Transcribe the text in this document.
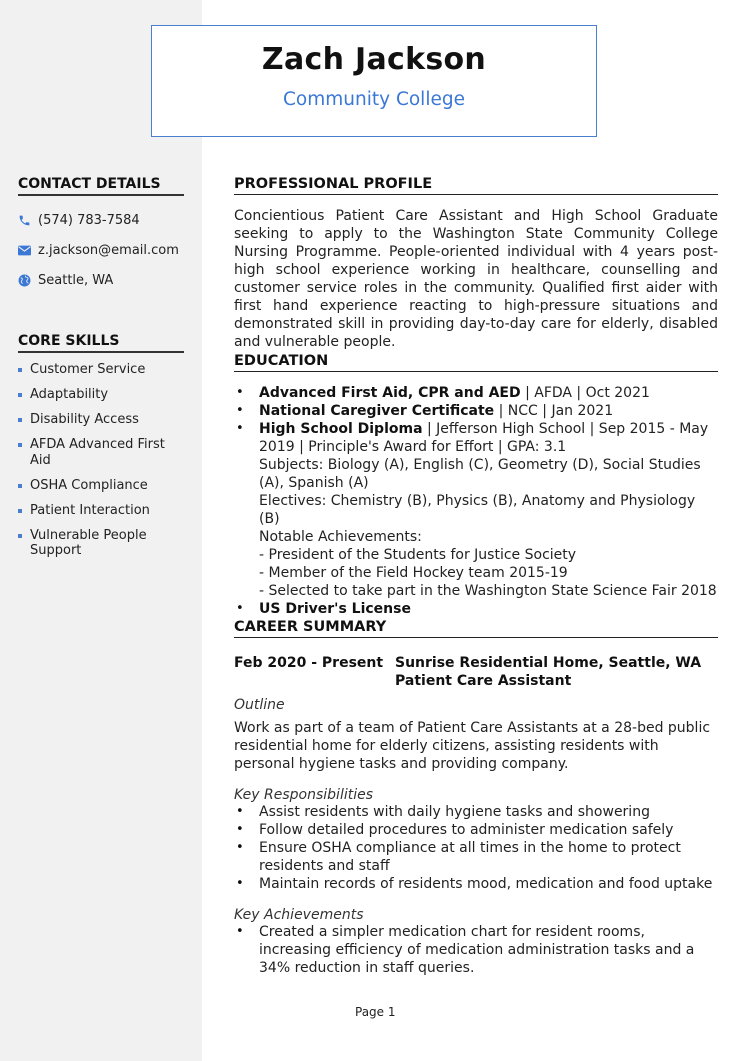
Zach Jackson
Community College
CONTACT DETAILS
(574) 783-7584
z.jackson@email.com
Seattle, WA
CORE SKILLS
Customer Service
Adaptability
Disability Access
AFDA Advanced First Aid
OSHA Compliance
Patient Interaction
Vulnerable People Support
PROFESSIONAL PROFILE

Concientious Patient Care Assistant and High School Graduate seeking to apply to the Washington State Community College Nursing Programme. People-oriented individual with 4 years post-high school experience working in healthcare, counselling and customer service roles in the community. Qualified first aider with first hand experience reacting to high-pressure situations and demonstrated skill in providing day-to-day care for elderly, disabled and vulnerable people.

EDUCATION
• Advanced First Aid, CPR and AED | AFDA | Oct 2021
• National Caregiver Certificate | NCC | Jan 2021
• High School Diploma | Jefferson High School | Sep 2015 - May 2019 | Principle's Award for Effort | GPA: 3.1
Subjects: Biology (A), English (C), Geometry (D), Social Studies (A), Spanish (A)
Electives: Chemistry (B), Physics (B), Anatomy and Physiology (B)
Notable Achievements:
- President of the Students for Justice Society
- Member of the Field Hockey team 2015-19
- Selected to take part in the Washington State Science Fair 2018
• US Driver's License
CAREER SUMMARY
Feb 2020 - Present Sunrise Residential Home, Seattle, WA
Patient Care Assistant
Outline

Work as part of a team of Patient Care Assistants at a 28-bed public residential home for elderly citizens, assisting residents with personal hygiene tasks and providing company.

Key Responsibilities
• Assist residents with daily hygiene tasks and showering
• Follow detailed procedures to administer medication safely
• Ensure OSHA compliance at all times in the home to protect residents and staff
• Maintain records of residents mood, medication and food uptake
Key Achievements
• Created a simpler medication chart for resident rooms, increasing efficiency of medication administration tasks and a 34% reduction in staff queries.
Page 1
